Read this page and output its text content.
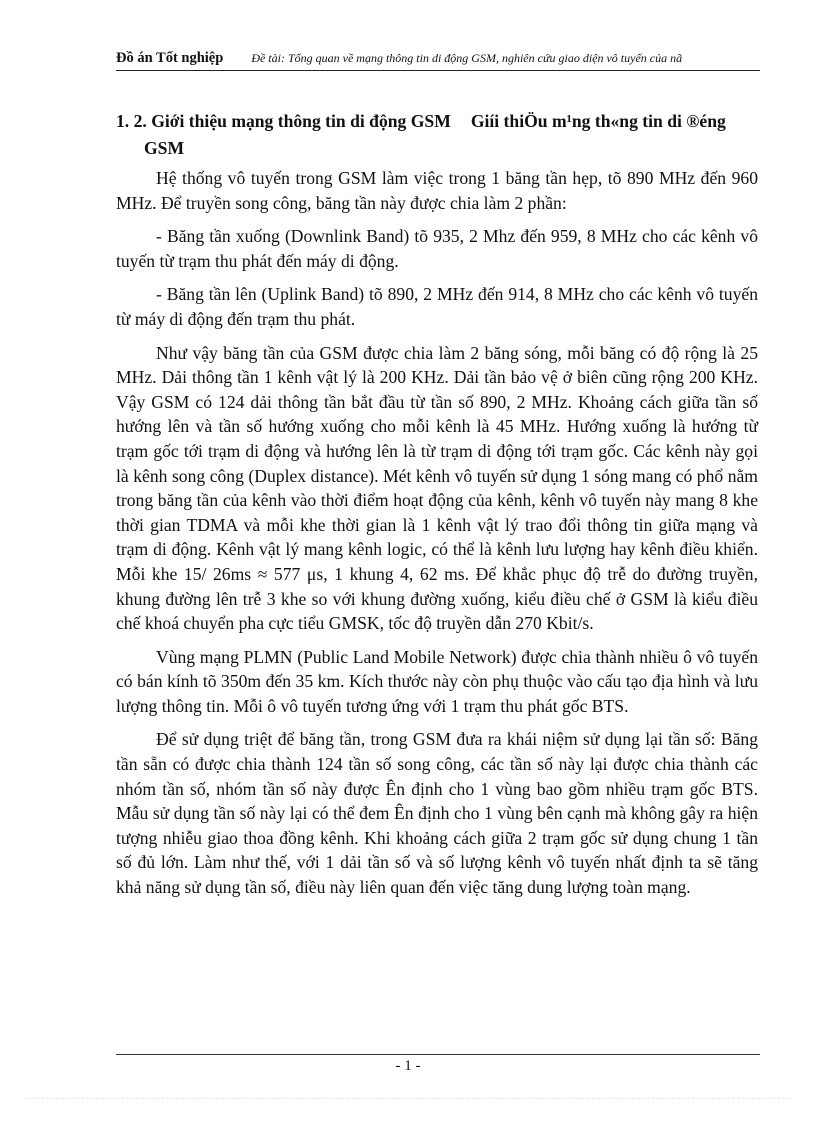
Đồ án Tốt nghiệp Đề tài: Tổng quan về mạng thông tin di động GSM, nghiên cứu giao diện vô tuyến của nã
1. 2. Giới thiệu mạng thông tin di động GSM Giíi thiÖu m¹ng th«ng tin di ®éng GSM

Hệ thống vô tuyến trong GSM làm việc trong 1 băng tần hẹp, tõ 890 MHz đến 960 MHz. Để truyền song công, băng tần này được chia làm 2 phần:

- Băng tần xuống (Downlink Band) tõ 935, 2 Mhz đến 959, 8 MHz cho các kênh vô tuyến từ trạm thu phát đến máy di động.

- Băng tần lên (Uplink Band) tõ 890, 2 MHz đến 914, 8 MHz cho các kênh vô tuyến từ máy di động đến trạm thu phát.

Như vậy băng tần của GSM được chia làm 2 băng sóng, mỗi băng có độ rộng là 25 MHz. Dải thông tần 1 kênh vật lý là 200 KHz. Dải tần bảo vệ ở biên cũng rộng 200 KHz. Vậy GSM có 124 dải thông tần bắt đầu từ tần số 890, 2 MHz. Khoảng cách giữa tần số hướng lên và tần số hướng xuống cho mỗi kênh là 45 MHz. Hướng xuống là hướng từ trạm gốc tới trạm di động và hướng lên là từ trạm di động tới trạm gốc. Các kênh này gọi là kênh song công (Duplex distance). Mét kênh vô tuyến sử dụng 1 sóng mang có phổ nằm trong băng tần của kênh vào thời điểm hoạt động của kênh, kênh vô tuyến này mang 8 khe thời gian TDMA và mỗi khe thời gian là 1 kênh vật lý trao đổi thông tin giữa mạng và trạm di động. Kênh vật lý mang kênh logic, có thể là kênh lưu lượng hay kênh điều khiển. Mỗi khe 15/ 26ms ≈ 577 μs, 1 khung 4, 62 ms. Để khắc phục độ trễ do đường truyền, khung đường lên trễ 3 khe so với khung đường xuống, kiểu điều chế ở GSM là kiểu điều chế khoá chuyển pha cực tiểu GMSK, tốc độ truyền dẫn 270 Kbit/s.

Vùng mạng PLMN (Public Land Mobile Network) được chia thành nhiều ô vô tuyến có bán kính tõ 350m đến 35 km. Kích thước này còn phụ thuộc vào cấu tạo địa hình và lưu lượng thông tin. Mỗi ô vô tuyến tương ứng với 1 trạm thu phát gốc BTS.

Để sử dụng triệt để băng tần, trong GSM đưa ra khái niệm sử dụng lại tần số: Băng tần sẵn có được chia thành 124 tần số song công, các tần số này lại được chia thành các nhóm tần số, nhóm tần số này được Ên định cho 1 vùng bao gồm nhiều trạm gốc BTS. Mẫu sử dụng tần số này lại có thể đem Ên định cho 1 vùng bên cạnh mà không gây ra hiện tượng nhiễu giao thoa đồng kênh. Khi khoảng cách giữa 2 trạm gốc sử dụng chung 1 tần số đủ lớn. Làm như thế, với 1 dải tần số và số lượng kênh vô tuyến nhất định ta sẽ tăng khả năng sử dụng tần số, điều này liên quan đến việc tăng dung lượng toàn mạng.

- 1 -
